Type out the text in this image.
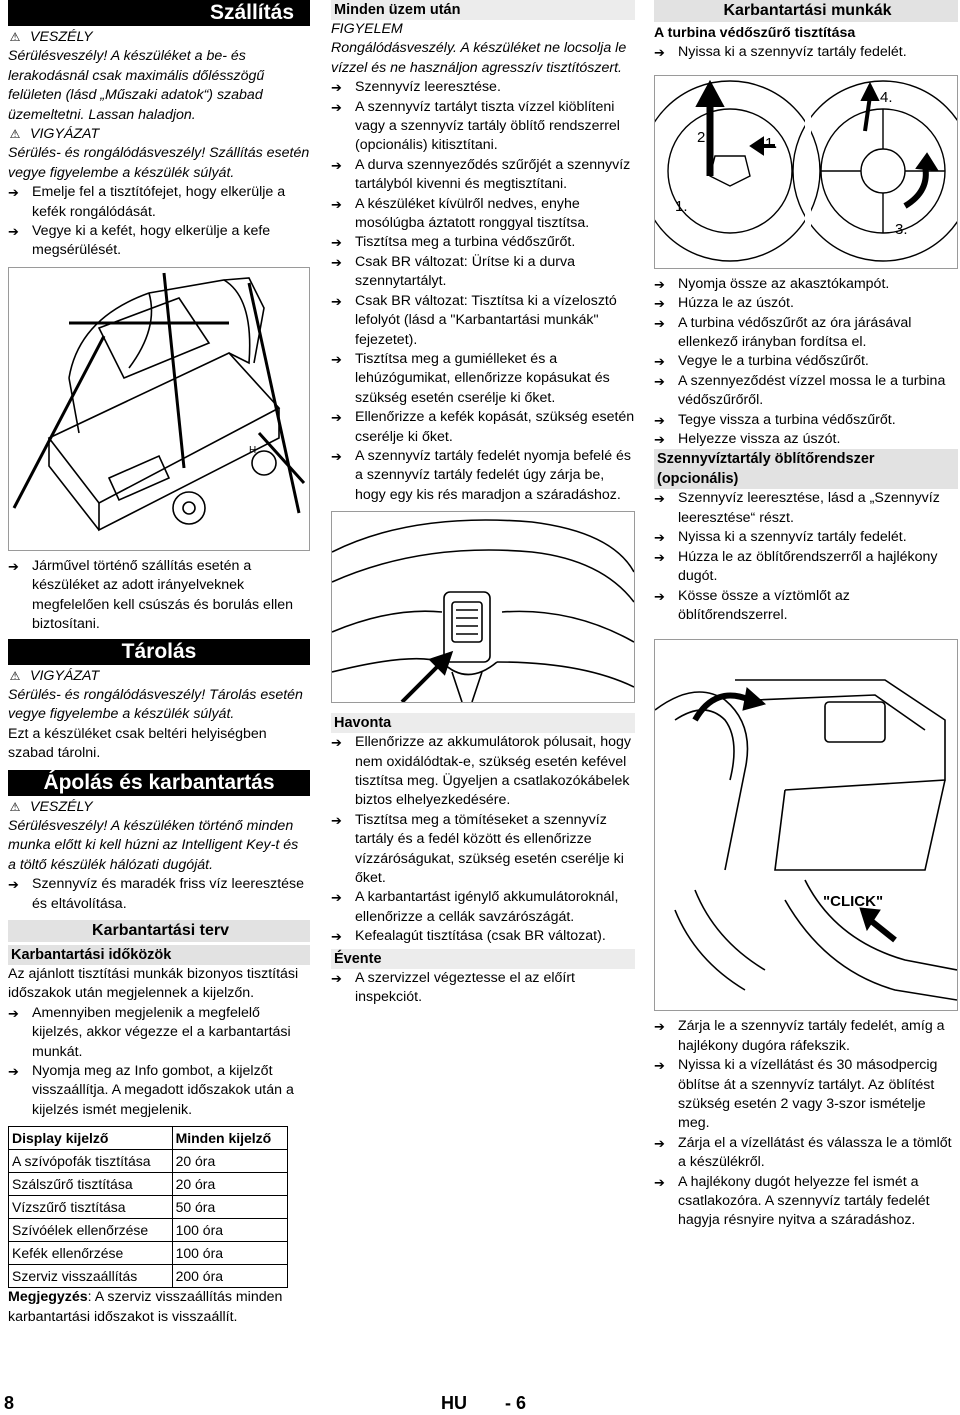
Szállítás
⚠ VESZÉLY

Sérülésveszély! A készüléket a be- és lerakodásnál csak maximális dőlésszögű felületen (lásd „Műszaki adatok“) szabad üzemeltetni. Lassan haladjon.

⚠ VIGYÁZAT

Sérülés- és rongálódásveszély! Szállítás esetén vegye figyelembe a készülék súlyát.

➔ Emelje fel a tisztítófejet, hogy elkerülje a kefék rongálódását.
➔ Vegye ki a kefét, hogy elkerülje a kefe megsérülését.
H
➔ Járművel történő szállítás esetén a készüléket az adott irányelveknek megfelelően kell csúszás és borulás ellen biztosítani.
Tárolás
⚠ VIGYÁZAT

Sérülés- és rongálódásveszély! Tárolás esetén vegye figyelembe a készülék súlyát.

Ezt a készüléket csak beltéri helyiségben szabad tárolni.

Ápolás és karbantartás
⚠ VESZÉLY

Sérülésveszély! A készüléken történő minden munka előtt ki kell húzni az Intelligent Key-t és a töltő készülék hálózati dugóját.

➔ Szennyvíz és maradék friss víz leeresztése és eltávolítása.
Karbantartási terv
Karbantartási időközök

Az ajánlott tisztítási munkák bizonyos tisztítási időszakok után megjelennek a kijelzőn.

➔ Amennyiben megjelenik a megfelelő kijelzés, akkor végezze el a karbantartási munkát.
➔ Nyomja meg az Info gombot, a kijelzőt visszaállítja. A megadott időszakok után a kijelzés ismét megjelenik.
Display kijelző	Minden kijelző
A szívópofák tisztítása	20 óra
Szálszűrő tisztítása	20 óra
Vízszűrő tisztítása	50 óra
Szívóélek ellenőrzése	100 óra
Kefék ellenőrzése	100 óra
Szerviz visszaállítás	200 óra

Megjegyzés: A szerviz visszaállítás minden karbantartási időszakot is visszaállít.

Minden üzem után

FIGYELEM

Rongálódásveszély. A készüléket ne locsolja le vízzel és ne használjon agresszív tisztítószert.

➔ Szennyvíz leeresztése.
➔ A szennyvíz tartályt tiszta vízzel kiöblíteni vagy a szennyvíz tartály öblítő rendszerrel (opcionális) kitisztítani.
➔ A durva szennyeződés szűrőjét a szennyvíz tartályból kivenni és megtisztítani.
➔ A készüléket kívülről nedves, enyhe mosólúgba áztatott ronggyal tisztítsa.
➔ Tisztítsa meg a turbina védőszűrőt.
➔ Csak BR változat: Ürítse ki a durva szennytartályt.
➔ Csak BR változat: Tisztítsa ki a vízelosztó lefolyót (lásd a "Karbantartási munkák" fejezetet).
➔ Tisztítsa meg a gumiélleket és a lehúzógumikat, ellenőrizze kopásukat és szükség esetén cserélje ki őket.
➔ Ellenőrizze a kefék kopását, szükség esetén cserélje ki őket.
➔ A szennyvíz tartály fedelét nyomja befelé és a szennyvíz tartály fedelét úgy zárja be, hogy egy kis rés maradjon a száradáshoz.
Havonta
➔ Ellenőrizze az akkumulátorok pólusait, hogy nem oxidálódtak-e, szükség esetén kefével tisztítsa meg. Ügyeljen a csatlakozókábelek biztos elhelyezkedésére.
➔ Tisztítsa meg a tömítéseket a szennyvíz tartály és a fedél között és ellenőrizze vízzáróságukat, szükség esetén cserélje ki őket.
➔ A karbantartást igénylő akkumulátoroknál, ellenőrizze a cellák savzárószágát.
➔ Kefealagút tisztítása (csak BR változat).
Évente
➔ A szervizzel végeztesse el az előírt inspekciót.
Karbantartási munkák
A turbina védőszűrő tisztítása
➔ Nyissa ki a szennyvíz tartály fedelét.
1.
2.
1.
3.
4.
➔ Nyomja össze az akasztókampót.
➔ Húzza le az úszót.
➔ A turbina védőszűrőt az óra járásával ellenkező irányban fordítsa el.
➔ Vegye le a turbina védőszűrőt.
➔ A szennyeződést vízzel mossa le a turbina védőszűrőről.
➔ Tegye vissza a turbina védőszűrőt.
➔ Helyezze vissza az úszót.
Szennyvíztartály öblítőrendszer (opcionális)
➔ Szennyvíz leeresztése, lásd a „Szennyvíz leeresztése“ részt.
➔ Nyissa ki a szennyvíz tartály fedelét.
➔ Húzza le az öblítőrendszerről a hajlékony dugót.
➔ Kösse össze a víztömlőt az öblítőrendszerrel.
"CLICK"
➔ Zárja le a szennyvíz tartály fedelét, amíg a hajlékony dugóra ráfekszik.
➔ Nyissa ki a vízellátást és 30 másodpercig öblítse át a szennyvíz tartályt. Az öblítést szükség esetén 2 vagy 3-szor ismételje meg.
➔ Zárja el a vízellátást és válassza le a tömlőt a készülékről.
➔ A hajlékony dugót helyezze fel ismét a csatlakozóra. A szennyvíz tartály fedelét hagyja résnyire nyitva a száradáshoz.
8	HU - 6
